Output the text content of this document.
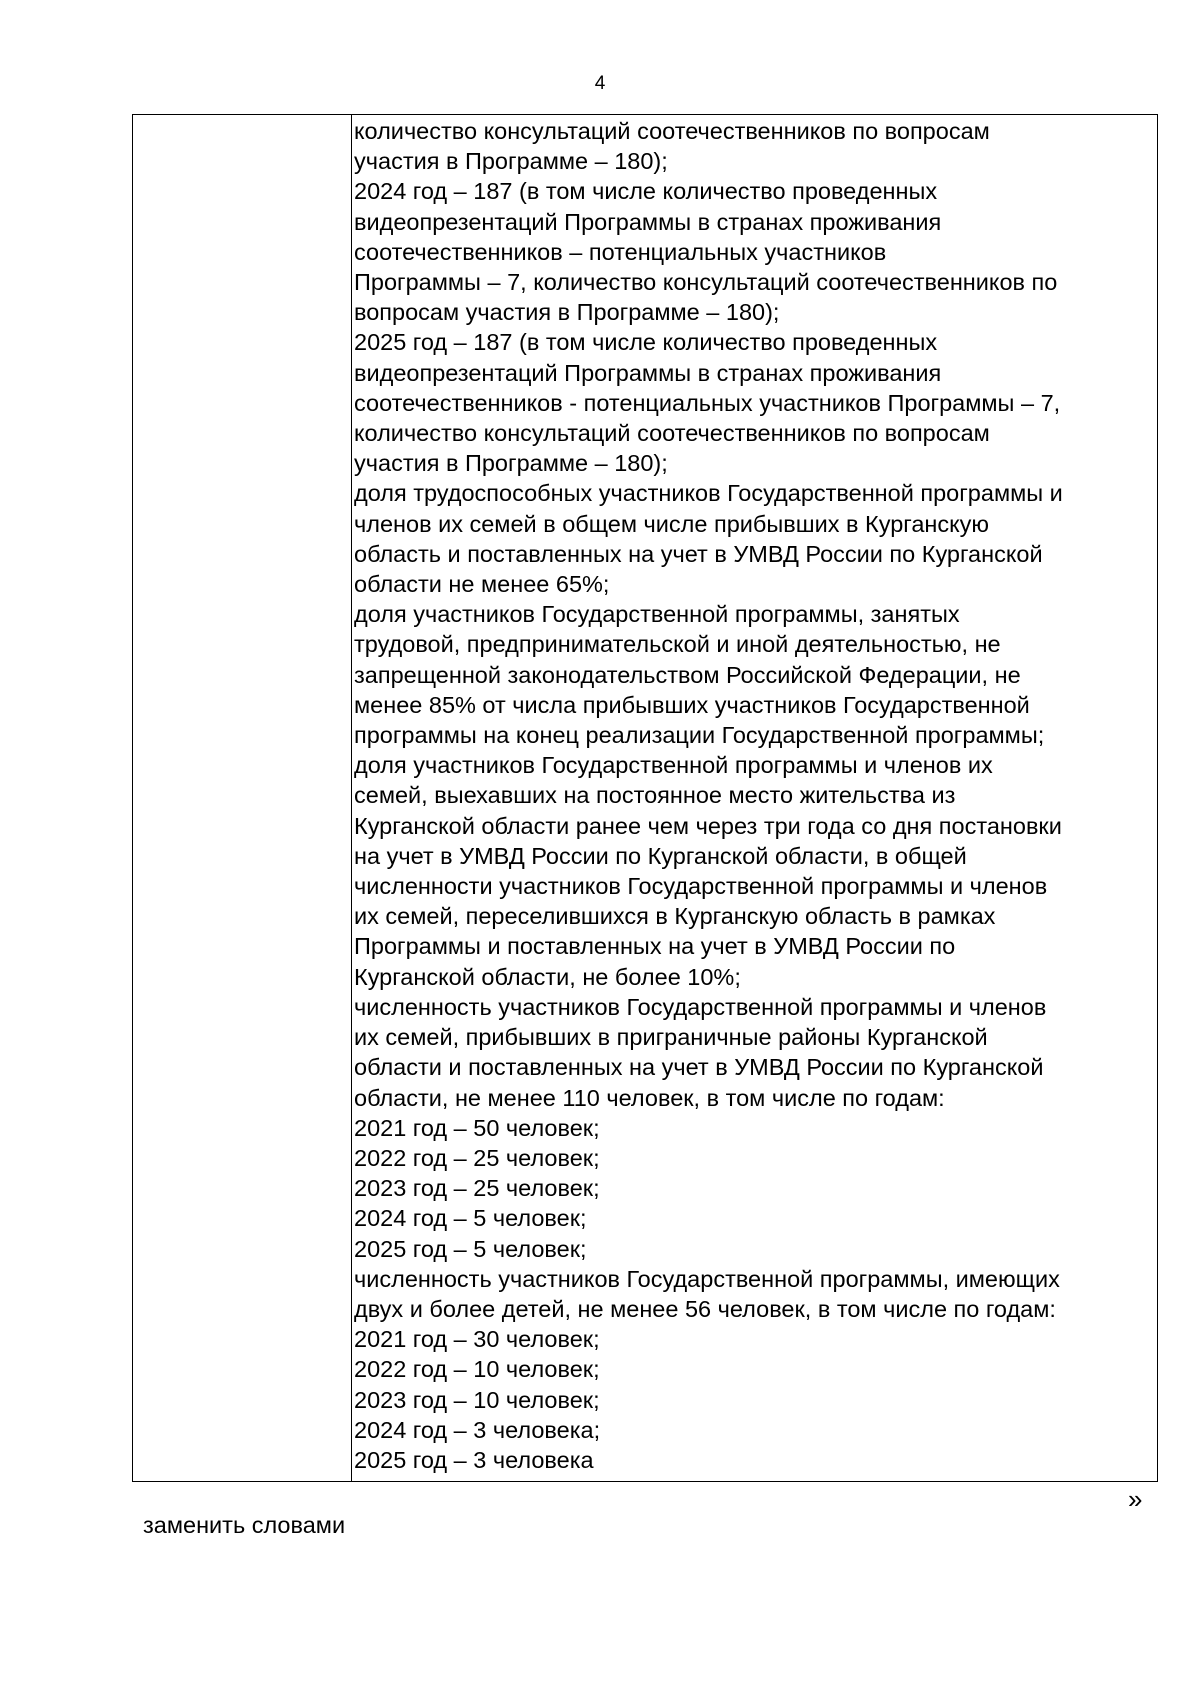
4
количество консультаций соотечественников по вопросам
участия в Программе – 180);
2024 год – 187 (в том числе количество проведенных
видеопрезентаций Программы в странах проживания
соотечественников – потенциальных участников
Программы – 7, количество консультаций соотечественников по
вопросам участия в Программе – 180);
2025 год – 187 (в том числе количество проведенных
видеопрезентаций Программы в странах проживания
соотечественников - потенциальных участников Программы – 7,
количество консультаций соотечественников по вопросам
участия в Программе – 180);
доля трудоспособных участников Государственной программы и
членов их семей в общем числе прибывших в Курганскую
область и поставленных на учет в УМВД России по Курганской
области не менее 65%;
доля участников Государственной программы, занятых
трудовой, предпринимательской и иной деятельностью, не
запрещенной законодательством Российской Федерации, не
менее 85% от числа прибывших участников Государственной
программы на конец реализации Государственной программы;
доля участников Государственной программы и членов их
семей, выехавших на постоянное место жительства из
Курганской области ранее чем через три года со дня постановки
на учет в УМВД России по Курганской области, в общей
численности участников Государственной программы и членов
их семей, переселившихся в Курганскую область в рамках
Программы и поставленных на учет в УМВД России по
Курганской области, не более 10%;
численность участников Государственной программы и членов
их семей, прибывших в приграничные районы Курганской
области и поставленных на учет в УМВД России по Курганской
области, не менее 110 человек, в том числе по годам:
2021 год – 50 человек;
2022 год – 25 человек;
2023 год – 25 человек;
2024 год – 5 человек;
2025 год – 5 человек;
численность участников Государственной программы, имеющих
двух и более детей, не менее 56 человек, в том числе по годам:
2021 год – 30 человек;
2022 год – 10 человек;
2023 год – 10 человек;
2024 год – 3 человека;
2025 год – 3 человека
»
заменить словами
